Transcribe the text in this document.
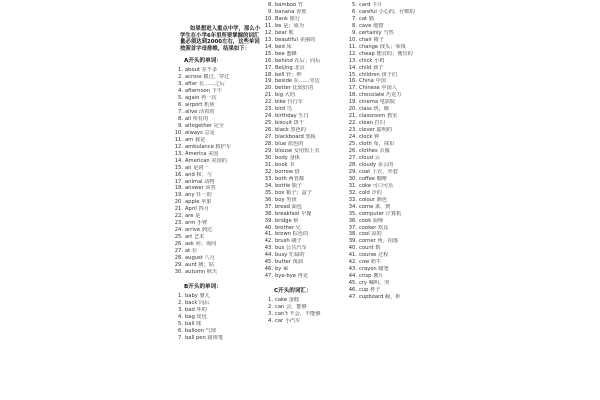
如果想进入重点中学，那么小学生在小学6年里所要掌握的词汇量必须达到2000左右，这些单词按照首字母排维，结果如下：
A开头的单词：
1. about 差不多
2. across 横过，穿过
3. after 在……之后
4. afternoon 下午
5. again 再一次
6. airport 机场
7. alive 活着的
8. all 所有的
9. altogether 完全
10. always 总是
11. am 我是
12. ambulance 救护车
13. America 美国
14. American 美国的
15. an 是词一
16. and 和，与
17. animal 动物
18. answer 回答
19. any 任一的
20. apple 苹果
21. April 四月
22. are 是
23. arm 手臂
24. arrive 到达
25. art 艺术
26. ask 问；询问
27. at 在
28. august 八月
29. aunt 姨；姑
30. autumn 秋天
B开头的单词：
1. baby 婴儿
2. back 向后
3. bad 坏的
4. bag 皮包
5. ball 球
6. balloon 气球
7. ball pen 圆珠笔
8. bamboo 竹
9. banana 香蕉
10. Bank 银行
11. be 是；成为
12. bear 熊
13. beautiful 美丽的
14. bed 床
15. bee 蜜蜂
16. behind 在后；向后
17. Beijing 北京
18. bell 铃；钟
19. beside 在……旁边
20. better 比较好的
21. big 大的
22. bike 自行车
23. bird 鸟
24. birthday 生日
25. biscuit 饼干
26. black 黑色的
27. blackboard 黑板
28. blue 蓝色的
29. blouse 女用短上衣
30. body 身体
31. book 书
32. borrow 借
33. both 两者都
34. bottle 瓶子
35. box 箱子；盒子
36. boy 男孩
37. bread 面包
38. breakfast 早餐
39. bridge 桥
40. brother 兄
41. brown 棕色的
42. brush 刷子
43. bus 公共汽车
44. busy 忙碌的
45. butter 黄油
46. by 乘
47. bye-bye 再见
C开头的词汇：
1. cake 蛋糕
2. can 会，能够
3. can't 不会，不能够
4. car 小汽车
5. card 卡片
6. careful 小心的，仔细的
7. cat 猫
8. cave 地窟
9. certainly 当然
10. chair 椅子
11. change 找头；零钱
12. cheap 便宜的；便宜的
13. chick 小鸡
14. child 孩子
15. children 孩子们
16. China 中国
17. Chinese 中国人
18. chocolate 巧克力
19. cinema 电影院
20. class 班，级
21. classroom 教室
22. clean 打扫
23. clever 聪明的
24. clock 钟
25. cloth 布，抹布
26. clothes 衣服
27. cloud 云
28. cloudy 多云的
29. coat 上衣，外套
30. coffee 咖啡
31. coke 可口可乐
32. cold 冷的
33. colour 颜色
34. come 来，到
35. computer 计算机
36. cook 厨师
37. cooker 炊具
38. cool 凉的
39. corner 角，拐落
40. count 数
41. course 过程
42. cow 奶牛
43. crayon 蜡笔
44. crisp 薯片
45. cry 喊叫，哭
46. cup 杯子
47. cupboard 橱，柜
